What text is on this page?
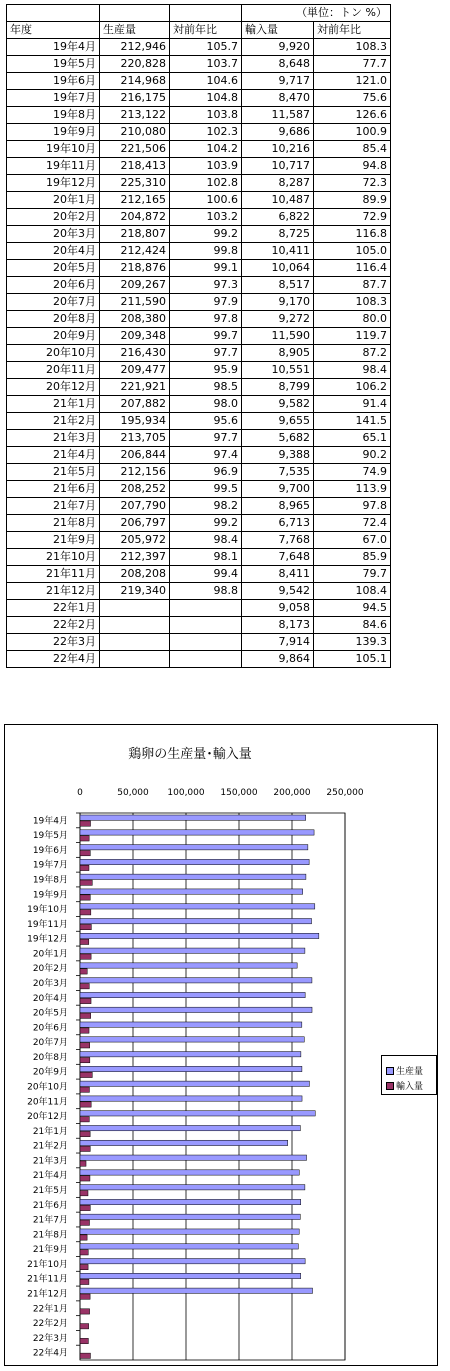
			（単位：トン %）	
年度	生産量	対前年比	輸入量	対前年比
19年4月	212,946	105.7	9,920	108.3
19年5月	220,828	103.7	8,648	77.7
19年6月	214,968	104.6	9,717	121.0
19年7月	216,175	104.8	8,470	75.6
19年8月	213,122	103.8	11,587	126.6
19年9月	210,080	102.3	9,686	100.9
19年10月	221,506	104.2	10,216	85.4
19年11月	218,413	103.9	10,717	94.8
19年12月	225,310	102.8	8,287	72.3
20年1月	212,165	100.6	10,487	89.9
20年2月	204,872	103.2	6,822	72.9
20年3月	218,807	99.2	8,725	116.8
20年4月	212,424	99.8	10,411	105.0
20年5月	218,876	99.1	10,064	116.4
20年6月	209,267	97.3	8,517	87.7
20年7月	211,590	97.9	9,170	108.3
20年8月	208,380	97.8	9,272	80.0
20年9月	209,348	99.7	11,590	119.7
20年10月	216,430	97.7	8,905	87.2
20年11月	209,477	95.9	10,551	98.4
20年12月	221,921	98.5	8,799	106.2
21年1月	207,882	98.0	9,582	91.4
21年2月	195,934	95.6	9,655	141.5
21年3月	213,705	97.7	5,682	65.1
21年4月	206,844	97.4	9,388	90.2
21年5月	212,156	96.9	7,535	74.9
21年6月	208,252	99.5	9,700	113.9
21年7月	207,790	98.2	8,965	97.8
21年8月	206,797	99.2	6,713	72.4
21年9月	205,972	98.4	7,768	67.0
21年10月	212,397	98.1	7,648	85.9
21年11月	208,208	99.4	8,411	79.7
21年12月	219,340	98.8	9,542	108.4
22年1月			9,058	94.5
22年2月			8,173	84.6
22年3月			7,914	139.3
22年4月			9,864	105.1
鶏卵の生産量･輸入量
0	50,000 100,000 150,000 200,000 250,000
19年4月
19年5月
19年6月
19年7月
19年8月
19年9月
19年10月
19年11月
19年12月
20年1月
20年2月
20年3月
20年4月
20年5月
20年6月
20年7月
20年8月
20年9月
20年10月
20年11月
20年12月
21年1月
21年2月
21年3月
21年4月
21年5月
21年6月
21年7月
21年8月
21年9月
21年10月
21年11月
21年12月
22年1月
22年2月
22年3月
22年4月
生産量
輸入量
